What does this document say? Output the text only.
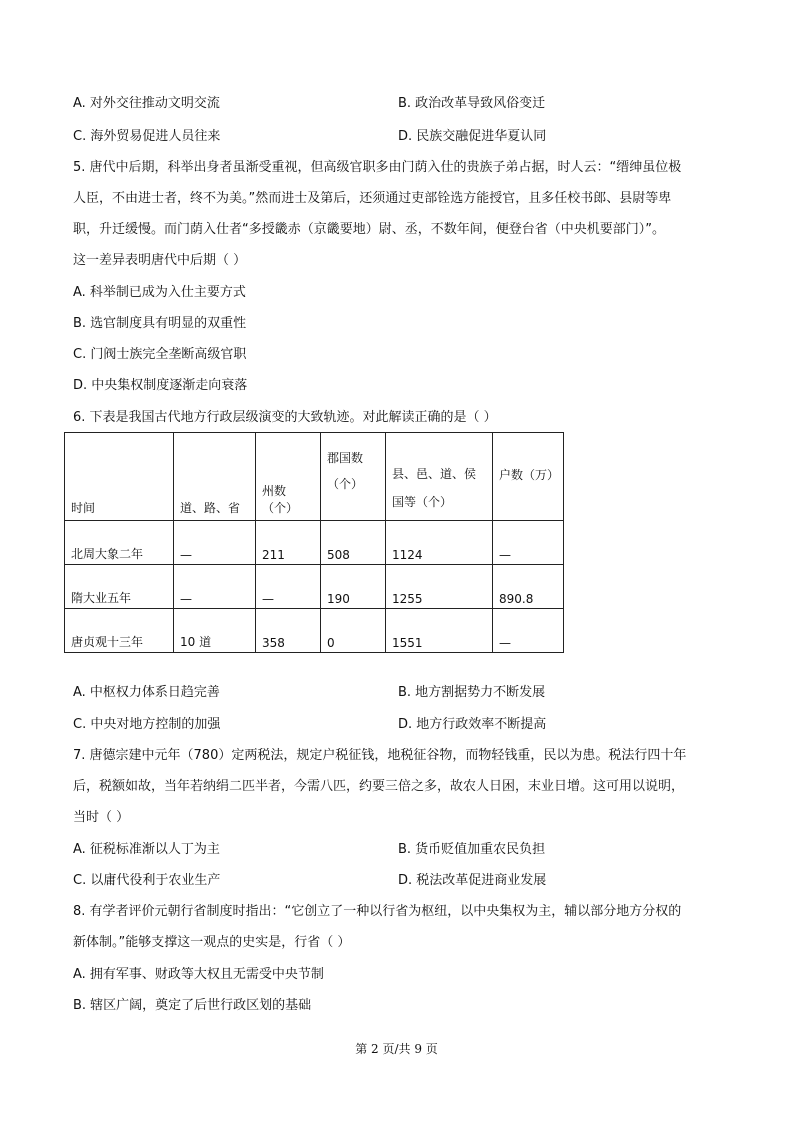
A. 对外交往推动文明交流	B. 政治改革导致风俗变迁
C. 海外贸易促进人员往来	D. 民族交融促进华夏认同
5. 唐代中后期，科举出身者虽渐受重视，但高级官职多由门荫入仕的贵族子弟占据，时人云：“缙绅虽位极
人臣，不由进士者，终不为美。”然而进士及第后，还须通过吏部铨选方能授官，且多任校书郎、县尉等卑
职，升迁缓慢。而门荫入仕者“多授畿赤（京畿要地）尉、丞，不数年间，便登台省（中央机要部门）”。
这一差异表明唐代中后期（ ）
A. 科举制已成为入仕主要方式
B. 选官制度具有明显的双重性
C. 门阀士族完全垄断高级官职
D. 中央集权制度逐渐走向衰落
6. 下表是我国古代地方行政层级演变的大致轨迹。对此解读正确的是（ ）
时间	道、路、省	州数（个）	郡国数（个）	县、邑、道、侯国等（个）	户数（万）
北周大象二年	—	211	508	1124	—
隋大业五年	—	—	190	1255	890.8
唐贞观十三年	10 道	358	0	1551	—
A. 中枢权力体系日趋完善	B. 地方割据势力不断发展
C. 中央对地方控制的加强	D. 地方行政效率不断提高
7. 唐德宗建中元年（780）定两税法，规定户税征钱，地税征谷物，而物轻钱重，民以为患。税法行四十年
后，税额如故，当年若纳绢二匹半者，今需八匹，约要三倍之多，故农人日困，末业日增。这可用以说明，
当时（ ）
A. 征税标准渐以人丁为主	B. 货币贬值加重农民负担
C. 以庸代役利于农业生产	D. 税法改革促进商业发展
8. 有学者评价元朝行省制度时指出：“它创立了一种以行省为枢纽，以中央集权为主，辅以部分地方分权的
新体制。”能够支撑这一观点的史实是，行省（ ）
A. 拥有军事、财政等大权且无需受中央节制
B. 辖区广阔，奠定了后世行政区划的基础
第 2 页/共 9 页
